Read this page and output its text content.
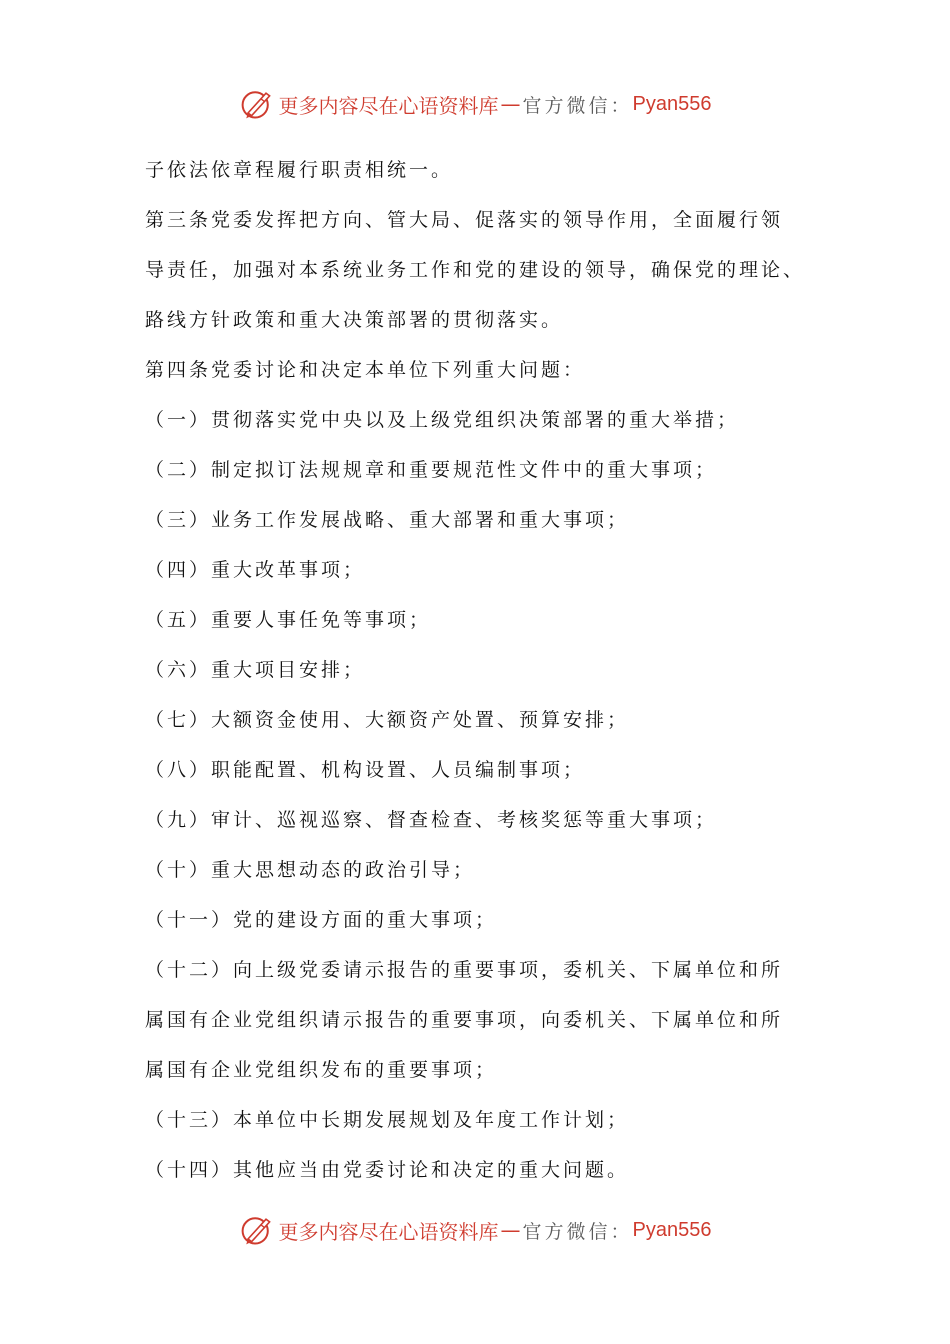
更多内容尽在心语资料库 — 官方微信： Pyan556
子依法依章程履行职责相统一。
第三条党委发挥把方向、管大局、促落实的领导作用，全面履行领
导责任，加强对本系统业务工作和党的建设的领导，确保党的理论、
路线方针政策和重大决策部署的贯彻落实。
第四条党委讨论和决定本单位下列重大问题：
（一）贯彻落实党中央以及上级党组织决策部署的重大举措；
（二）制定拟订法规规章和重要规范性文件中的重大事项；
（三）业务工作发展战略、重大部署和重大事项；
（四）重大改革事项；
（五）重要人事任免等事项；
（六）重大项目安排；
（七）大额资金使用、大额资产处置、预算安排；
（八）职能配置、机构设置、人员编制事项；
（九）审计、巡视巡察、督查检查、考核奖惩等重大事项；
（十）重大思想动态的政治引导；
（十一）党的建设方面的重大事项；
（十二）向上级党委请示报告的重要事项，委机关、下属单位和所
属国有企业党组织请示报告的重要事项，向委机关、下属单位和所
属国有企业党组织发布的重要事项；
（十三）本单位中长期发展规划及年度工作计划；
（十四）其他应当由党委讨论和决定的重大问题。
更多内容尽在心语资料库 — 官方微信： Pyan556
